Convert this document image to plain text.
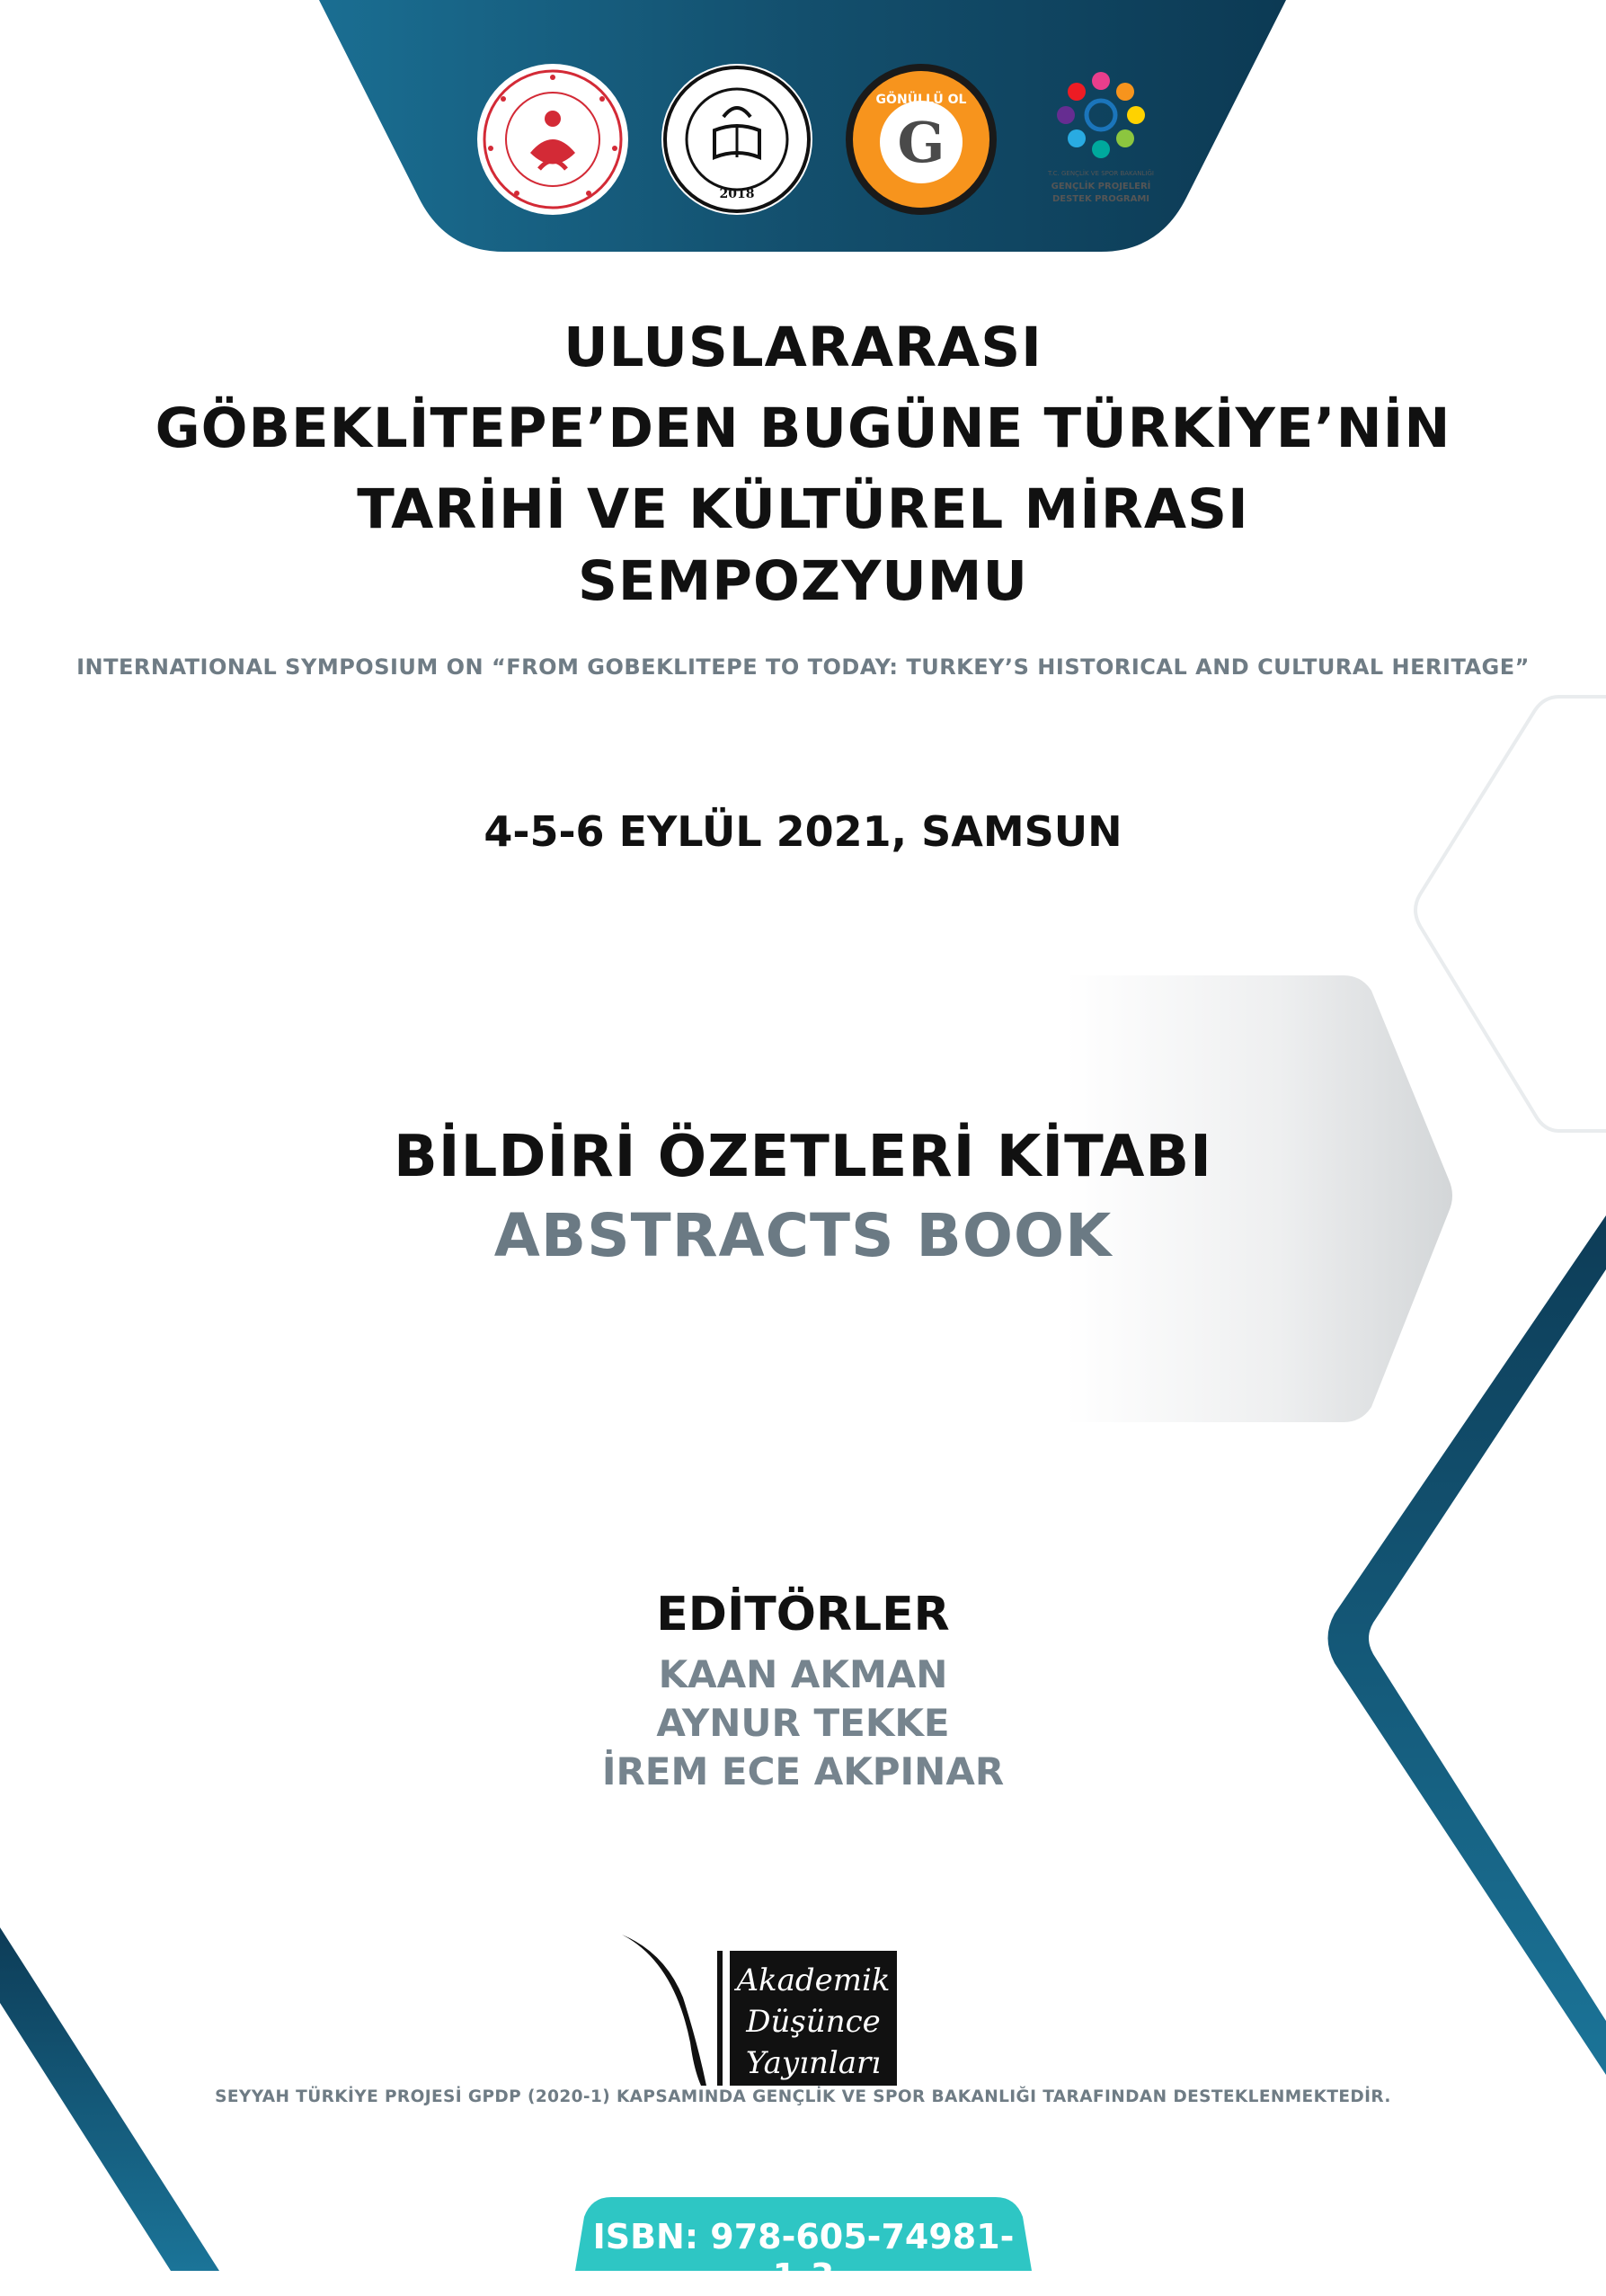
2018
GÖNÜLLÜ OL
G	T.C. GENÇLİK VE SPOR BAKANLIĞI
GENÇLİK PROJELERİ
DESTEK PROGRAMI
ULUSLARARASI
GÖBEKLİTEPE’DEN BUGÜNE TÜRKİYE’NİN
TARİHİ VE KÜLTÜREL MİRASI
SEMPOZYUMU
INTERNATIONAL SYMPOSIUM ON “FROM GOBEKLITEPE TO TODAY: TURKEY’S HISTORICAL AND CULTURAL HERITAGE”
4-5-6 EYLÜL 2021, SAMSUN
BİLDİRİ ÖZETLERİ KİTABI
ABSTRACTS BOOK
EDİTÖRLER
KAAN AKMAN
AYNUR TEKKE
İREM ECE AKPINAR
Akademik
Düşünce
Yayınları
SEYYAH TÜRKİYE PROJESİ GPDP (2020-1) KAPSAMINDA GENÇLİK VE SPOR BAKANLIĞI TARAFINDAN DESTEKLENMEKTEDİR.
ISBN: 978-605-74981-1-3
